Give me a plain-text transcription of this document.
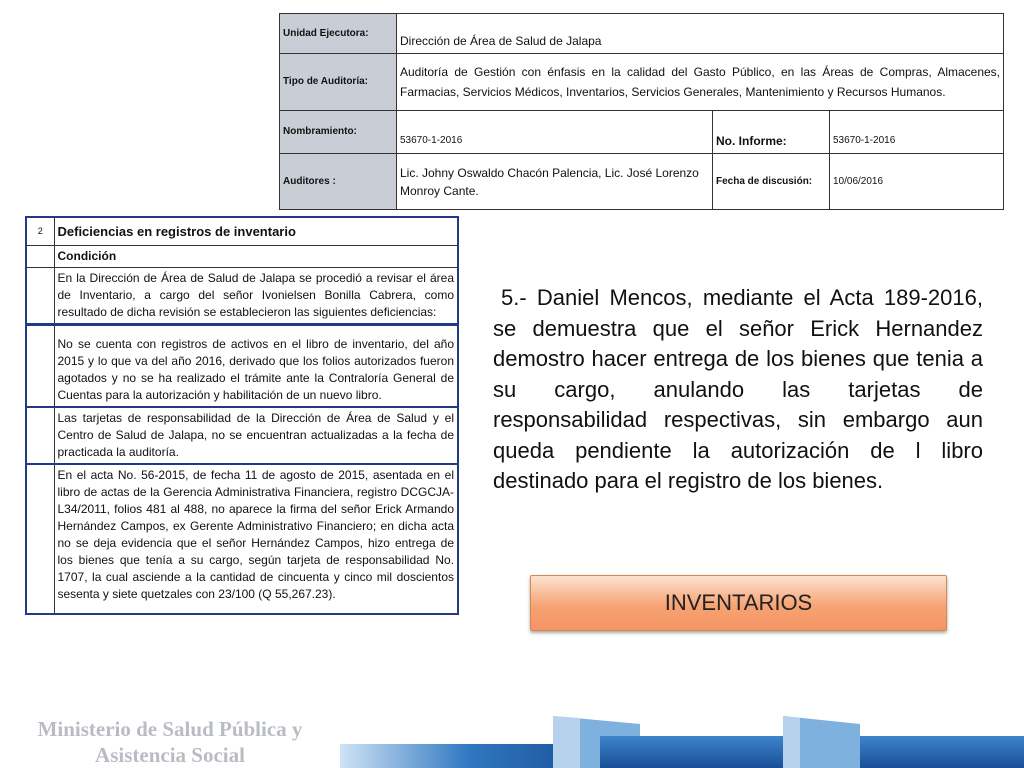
Unidad Ejecutora:	Dirección de Área de Salud de Jalapa		
Tipo de Auditoría:	Auditoría de Gestión con énfasis en la calidad del Gasto Público, en las Áreas de Compras, Almacenes, Farmacias, Servicios Médicos, Inventarios, Servicios Generales, Mantenimiento y Recursos Humanos.		
Nombramiento:	53670-1-2016	No. Informe:	53670-1-2016
Auditores :	Lic. Johny Oswaldo Chacón Palencia, Lic. José Lorenzo Monroy Cante.	Fecha de discusión:	10/06/2016
2	Deficiencias en registros de inventario
	Condición
	En la Dirección de Área de Salud de Jalapa se procedió a revisar el área de Inventario, a cargo del señor Ivonielsen Bonilla Cabrera, como resultado de dicha revisión se establecieron las siguientes deficiencias:
	No se cuenta con registros de activos en el libro de inventario, del año 2015 y lo que va del año 2016, derivado que los folios autorizados fueron agotados y no se ha realizado el trámite ante la Contraloría General de Cuentas para la autorización y habilitación de un nuevo libro.
	Las tarjetas de responsabilidad de la Dirección de Área de Salud y el Centro de Salud de Jalapa, no se encuentran actualizadas a la fecha de practicada la auditoría.
	En el acta No. 56-2015, de fecha 11 de agosto de 2015, asentada en el libro de actas de la Gerencia Administrativa Financiera, registro DCGCJA-L34/2011, folios 481 al 488, no aparece la firma del señor Erick Armando Hernández Campos, ex Gerente Administrativo Financiero; en dicha acta no se deja evidencia que el señor Hernández Campos, hizo entrega de los bienes que tenía a su cargo, según tarjeta de responsabilidad No. 1707, la cual asciende a la cantidad de cincuenta y cinco mil doscientos sesenta y siete quetzales con 23/100 (Q 55,267.23).
5.- Daniel Mencos, mediante el Acta 189-2016, se demuestra que el señor Erick Hernandez demostro hacer entrega de los bienes que tenia a su cargo, anulando las tarjetas de responsabilidad respectivas, sin embargo aun queda pendiente la autorización de l libro destinado para el registro de los bienes.
INVENTARIOS
Ministerio de Salud Pública y
Asistencia Social
